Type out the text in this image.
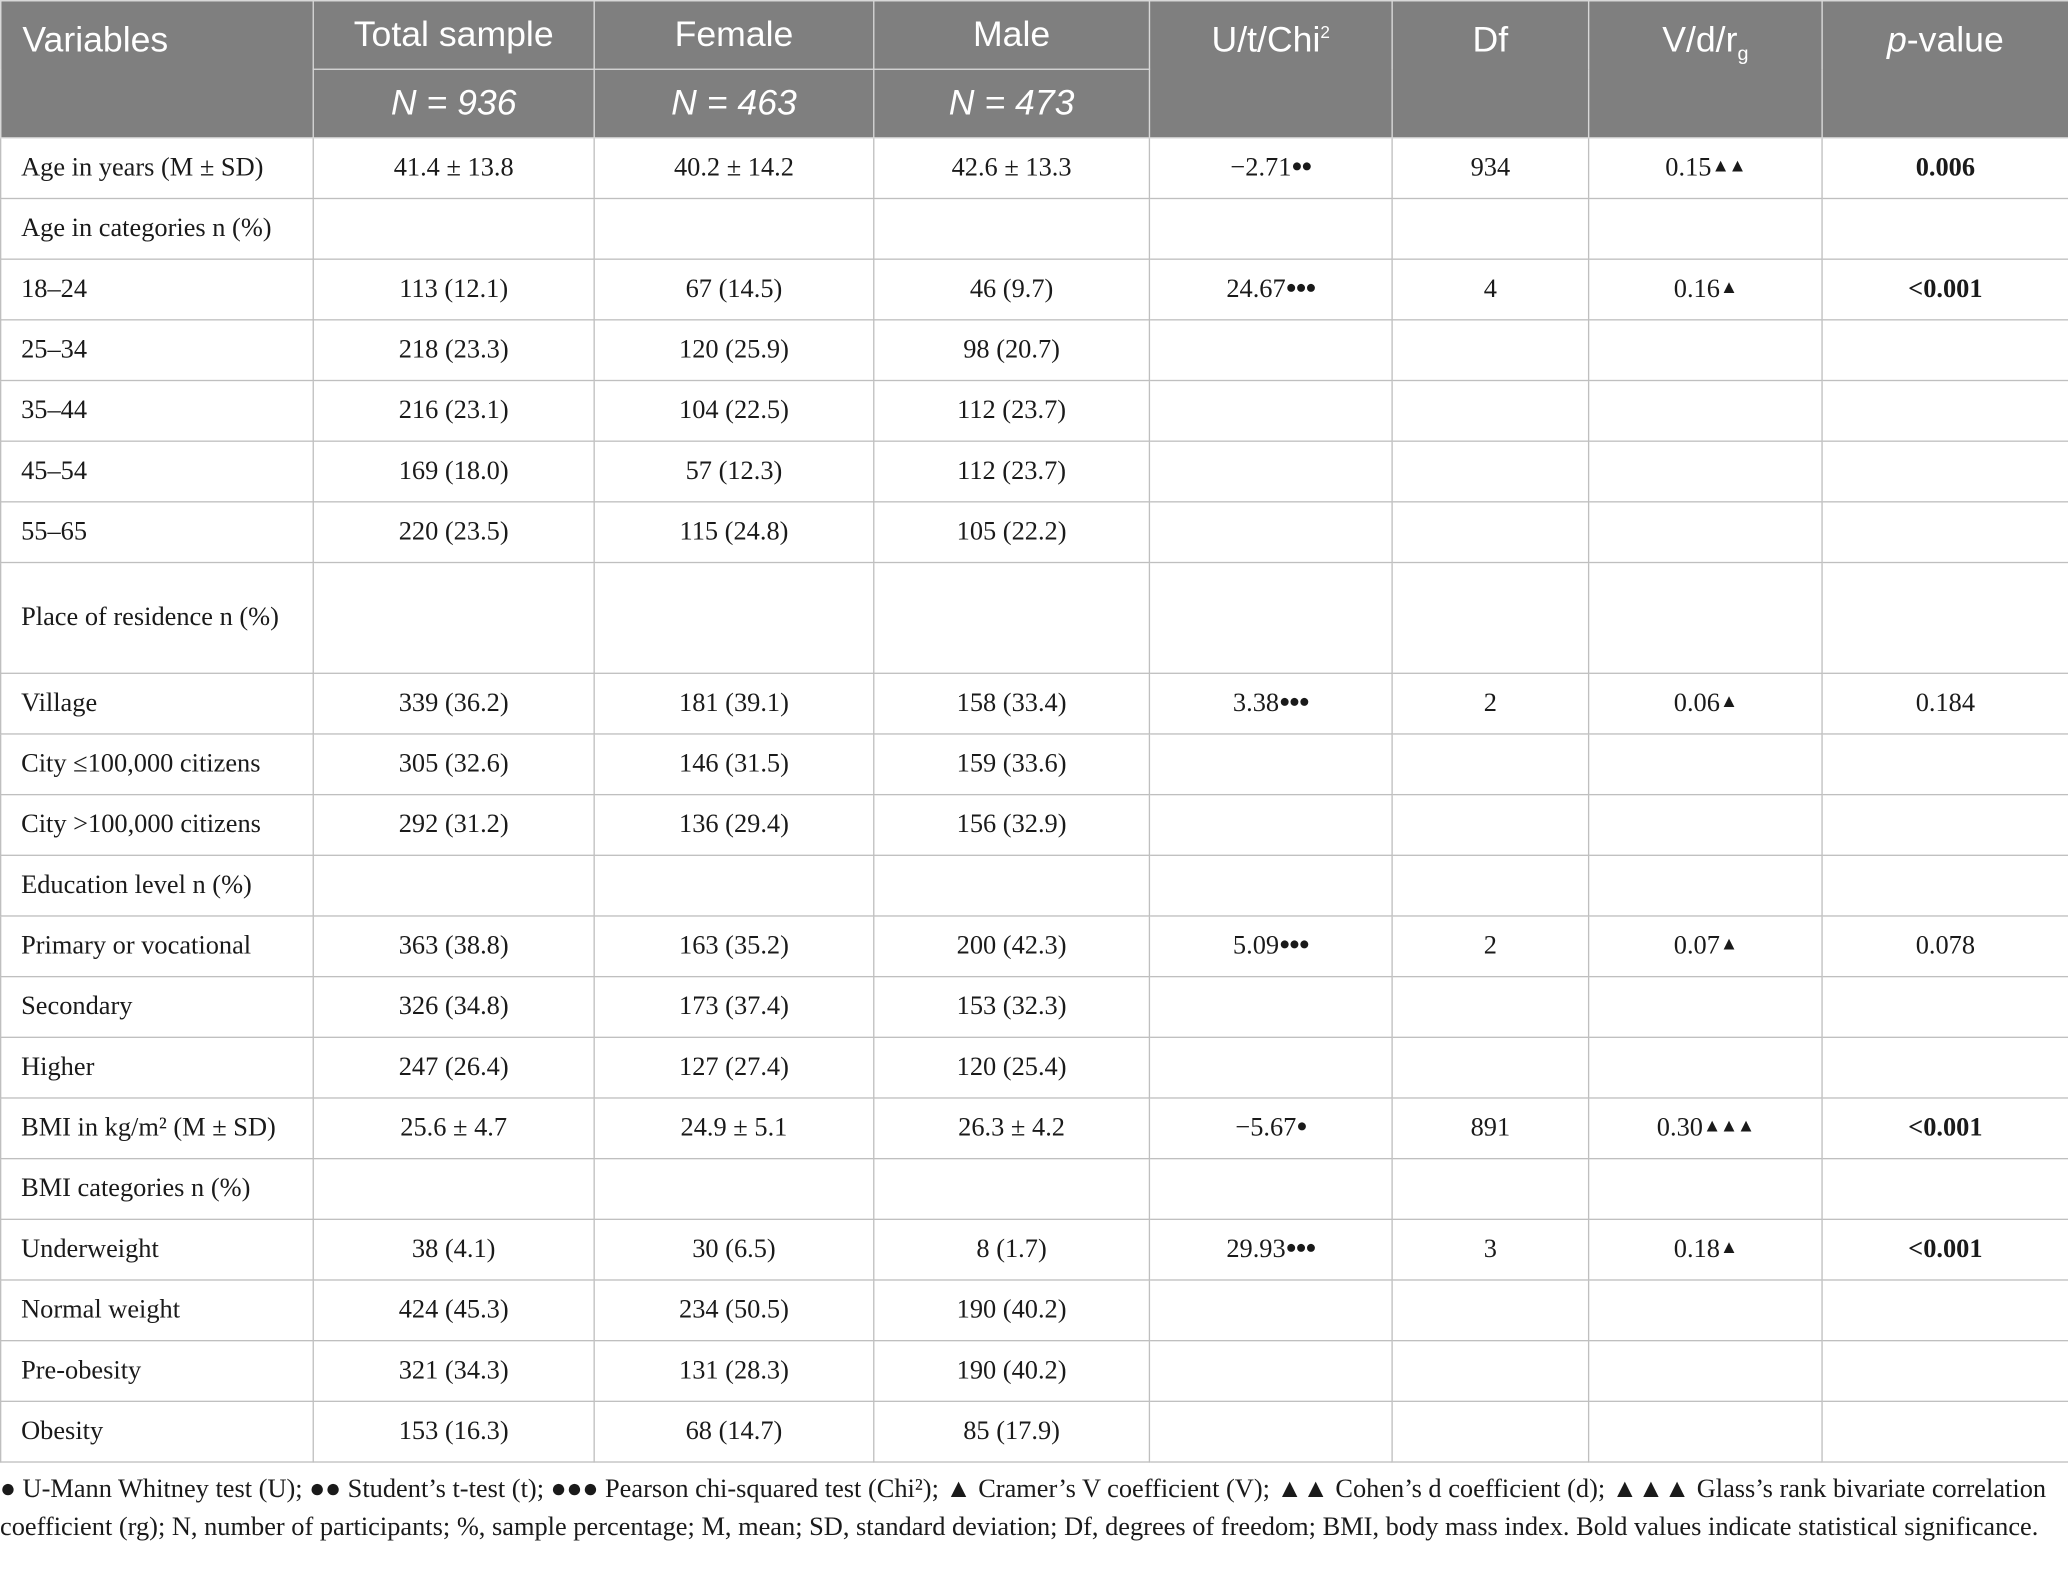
Variables	Total sample	Female	Male	U/t/Chi$^2$	Df	$V/d/r_g$	p-value
	N = 936	N = 463	N = 473				
Age in years (M ± SD)	41.4 ± 13.8	40.2 ± 14.2	42.6 ± 13.3	−2.71●●	934	0.15▲▲	0.006
Age in categories n (%)							
18–24	113 (12.1)	67 (14.5)	46 (9.7)	24.67●●●	4	0.16▲	<0.001
25–34	218 (23.3)	120 (25.9)	98 (20.7)				
35–44	216 (23.1)	104 (22.5)	112 (23.7)				
45–54	169 (18.0)	57 (12.3)	112 (23.7)				
55–65	220 (23.5)	115 (24.8)	105 (22.2)				
Place of residence n (%)							
Village	339 (36.2)	181 (39.1)	158 (33.4)	3.38●●●	2	0.06▲	0.184
City ≤100,000 citizens	305 (32.6)	146 (31.5)	159 (33.6)				
City >100,000 citizens	292 (31.2)	136 (29.4)	156 (32.9)				
Education level n (%)							
Primary or vocational	363 (38.8)	163 (35.2)	200 (42.3)	5.09●●●	2	0.07▲	0.078
Secondary	326 (34.8)	173 (37.4)	153 (32.3)				
Higher	247 (26.4)	127 (27.4)	120 (25.4)				
BMI in kg/m² (M ± SD)	25.6 ± 4.7	24.9 ± 5.1	26.3 ± 4.2	−5.67●	891	0.30▲▲▲	<0.001
BMI categories n (%)							
Underweight	38 (4.1)	30 (6.5)	8 (1.7)	29.93●●●	3	0.18▲	<0.001
Normal weight	424 (45.3)	234 (50.5)	190 (40.2)				
Pre-obesity	321 (34.3)	131 (28.3)	190 (40.2)				
Obesity	153 (16.3)	68 (14.7)	85 (17.9)				
● U-Mann Whitney test (U); ●● Student’s t-test (t); ●●● Pearson chi-squared test (Chi²); ▲ Cramer’s V coefficient (V); ▲▲ Cohen’s d coefficient (d); ▲▲▲ Glass’s rank bivariate correlation coefficient (rg); N, number of participants; %, sample percentage; M, mean; SD, standard deviation; Df, degrees of freedom; BMI, body mass index. Bold values indicate statistical significance.
